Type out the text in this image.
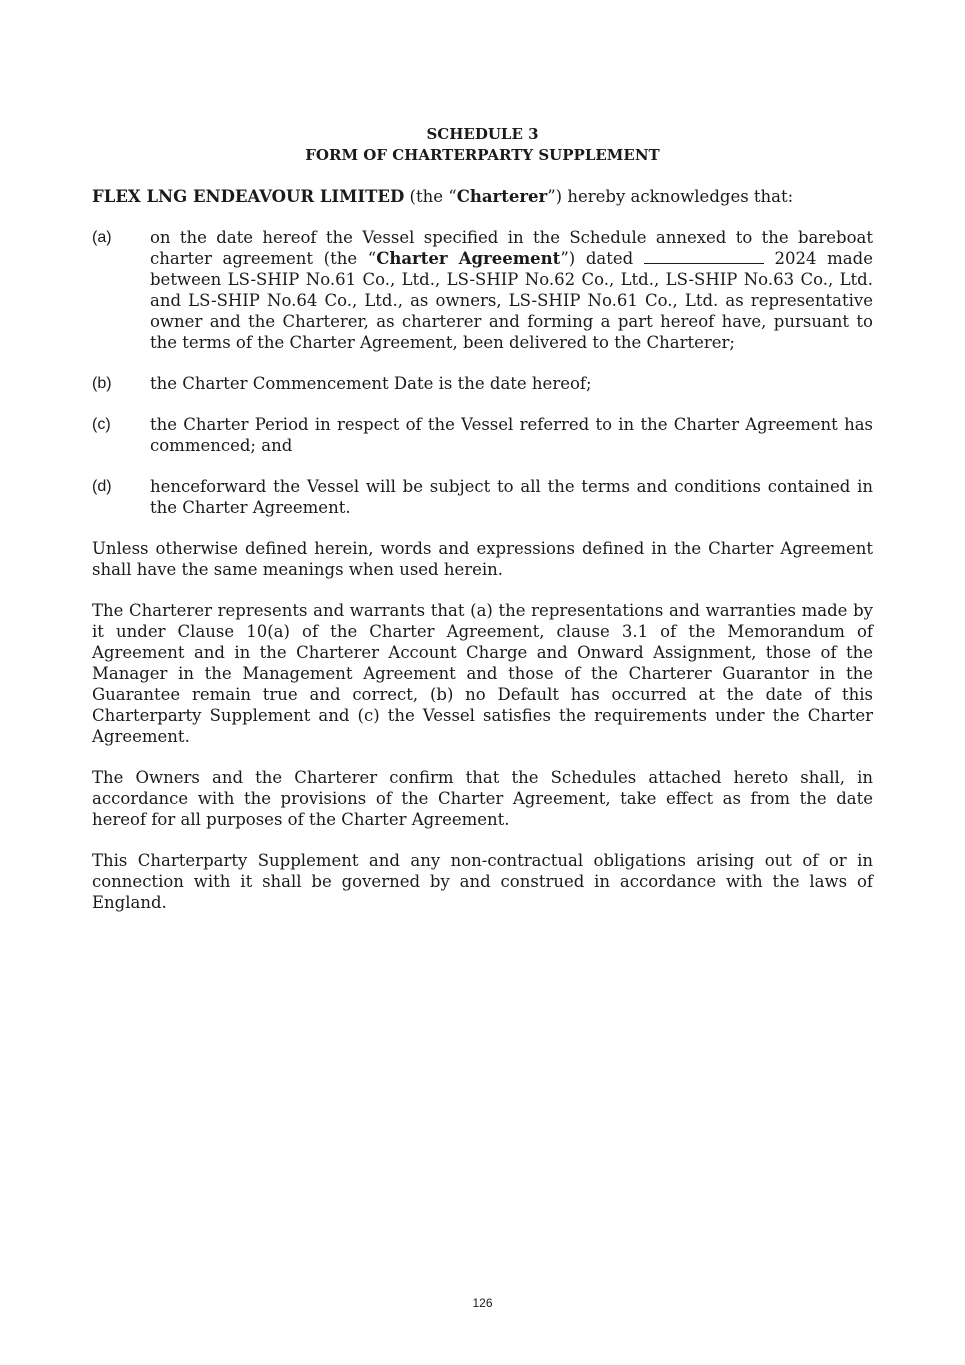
SCHEDULE 3

FORM OF CHARTERPARTY SUPPLEMENT

FLEX LNG ENDEAVOUR LIMITED (the “Charterer”) hereby acknowledges that:

(a)	on the date hereof the Vessel specified in the Schedule annexed to the bareboat charter agreement (the “Charter Agreement”) dated	2024 made between LS-SHIP No.61 Co., Ltd., LS-SHIP No.62 Co., Ltd., LS-SHIP No.63 Co., Ltd. and LS-SHIP No.64 Co., Ltd., as owners, LS-SHIP No.61 Co., Ltd. as representative owner and the Charterer, as charterer and forming a part hereof have, pursuant to the terms of the Charter Agreement, been delivered to the Charterer;
(b)	the Charter Commencement Date is the date hereof;
(c)	the Charter Period in respect of the Vessel referred to in the Charter Agreement has commenced; and
(d)	henceforward the Vessel will be subject to all the terms and conditions contained in the Charter Agreement.

Unless otherwise defined herein, words and expressions defined in the Charter Agreement shall have the same meanings when used herein.

The Charterer represents and warrants that (a) the representations and warranties made by it under Clause 10(a) of the Charter Agreement, clause 3.1 of the Memorandum of Agreement and in the Charterer Account Charge and Onward Assignment, those of the Manager in the Management Agreement and those of the Charterer Guarantor in the Guarantee remain true and correct, (b) no Default has occurred at the date of this Charterparty Supplement and (c) the Vessel satisfies the requirements under the Charter Agreement.

The Owners and the Charterer confirm that the Schedules attached hereto shall, in accordance with the provisions of the Charter Agreement, take effect as from the date hereof for all purposes of the Charter Agreement.

This Charterparty Supplement and any non-contractual obligations arising out of or in connection with it shall be governed by and construed in accordance with the laws of England.

126
